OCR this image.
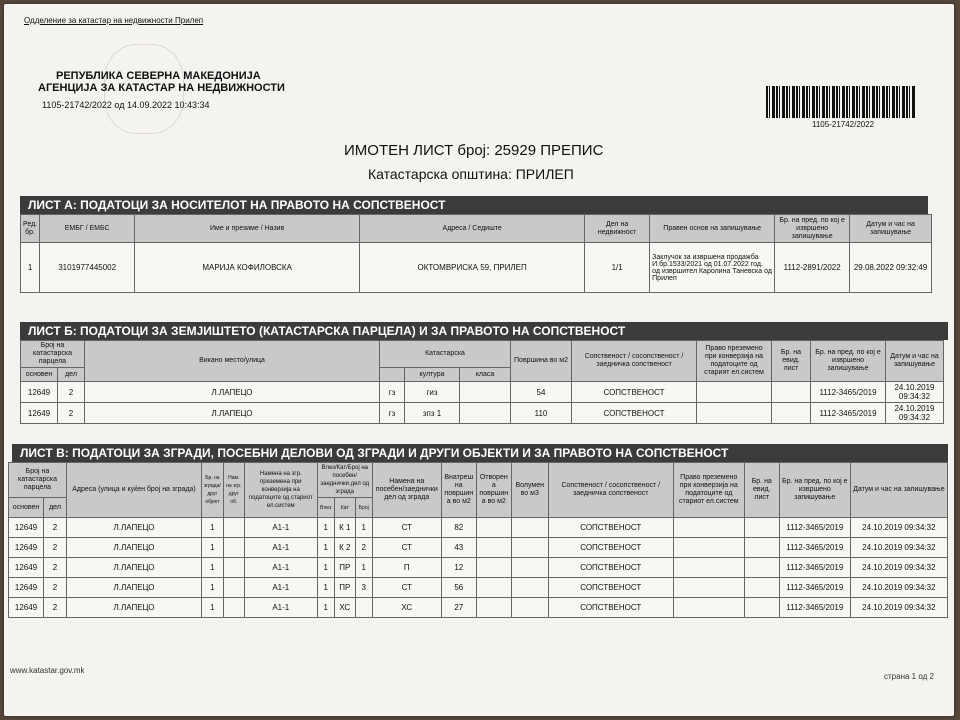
Одделение за катастар на недвижности Прилеп
РЕПУБЛИКА СЕВЕРНА МАКЕДОНИЈА
АГЕНЦИЈА ЗА КАТАСТАР НА НЕДВИЖНОСТИ
1105-21742/2022 од 14.09.2022 10:43:34
1105-21742/2022
ИМОТЕН ЛИСТ број: 25929 ПРЕПИС
Катастарска општина: ПРИЛЕП
ЛИСТ А: ПОДАТОЦИ ЗА НОСИТЕЛОТ НА ПРАВОТО НА СОПСТВЕНОСТ
Ред. бр.	ЕМБГ / ЕМБС	Име и презиме / Назив	Адреса / Седиште	Дел на недвижност	Правен основ на запишување	Бр. на пред. по кој е извршено запишување	Датум и час на запишување
1	3101977445002	МАРИЈА КОФИЛОВСКА	ОКТОМВРИСКА 59, ПРИЛЕП	1/1	Заклучок за извршена продажба И.бр.1533/2021 од 01.07.2022 год. од извршител Каролина Таневска од Прилеп	1112-2891/2022	29.08.2022 09:32:49
ЛИСТ Б: ПОДАТОЦИ ЗА ЗЕМЈИШТЕТО (КАТАСТАРСКА ПАРЦЕЛА) И ЗА ПРАВОТО НА СОПСТВЕНОСТ
Број на катастарска парцела		Викано место/улица	Катастарска			Површина во м2	Сопственост / сосопственост / заедничка сопственост	Право преземено при конверзија на податоците од старият ел.систем	Бр. на евид. лист	Бр. на пред. по кој е извршено запишување	Датум и час на запишување
основен	дел			култура	класа						
12649	2	Л.ЛАПЕЦО	гз	гиз		54	СОПСТВЕНОСТ			1112-3465/2019	24.10.2019 09:34:32
12649	2	Л.ЛАПЕЦО	гз	зпз 1		110	СОПСТВЕНОСТ			1112-3465/2019	24.10.2019 09:34:32
ЛИСТ В: ПОДАТОЦИ ЗА ЗГРАДИ, ПОСЕБНИ ДЕЛОВИ ОД ЗГРАДИ И ДРУГИ ОБЈЕКТИ И ЗА ПРАВОТО НА СОПСТВЕНОСТ
Број на катастарска парцела		Адреса (улица и куќен број на зграда)	Бр. на зграда/друг објект	Нам. на згр. друг об.	Намена на згр. преземена при конверзија на податоците од стариот ел.систем	Влез/Кат/Број на посебен/заеднички дел од зграда			Намена на посебен/заеднички дел од зграда	Внатреш на површин а во м2	Отворен а површин а во м2	Волумен во м3	Сопственост / сосопственост / заедничка сопственост	Право преземено при конверзија на податоците од стариот ел.систем	Бр. на евид. лист	Бр. на пред. по кој е извршено запишување	Датум и час на запишување
основен	дел					Влез	Кат	Број									
12649	2	Л.ЛАПЕЦО	1		А1-1	1	К 1	1	СТ	82			СОПСТВЕНОСТ			1112-3465/2019	24.10.2019 09:34:32
12649	2	Л.ЛАПЕЦО	1		А1-1	1	К 2	2	СТ	43			СОПСТВЕНОСТ			1112-3465/2019	24.10.2019 09:34:32
12649	2	Л.ЛАПЕЦО	1		А1-1	1	ПР	1	П	12			СОПСТВЕНОСТ			1112-3465/2019	24.10.2019 09:34:32
12649	2	Л.ЛАПЕЦО	1		А1-1	1	ПР	3	СТ	56			СОПСТВЕНОСТ			1112-3465/2019	24.10.2019 09:34:32
12649	2	Л.ЛАПЕЦО	1		А1-1	1	ХС		ХС	27			СОПСТВЕНОСТ			1112-3465/2019	24.10.2019 09:34:32
www.katastar.gov.mk
страна 1 од 2
